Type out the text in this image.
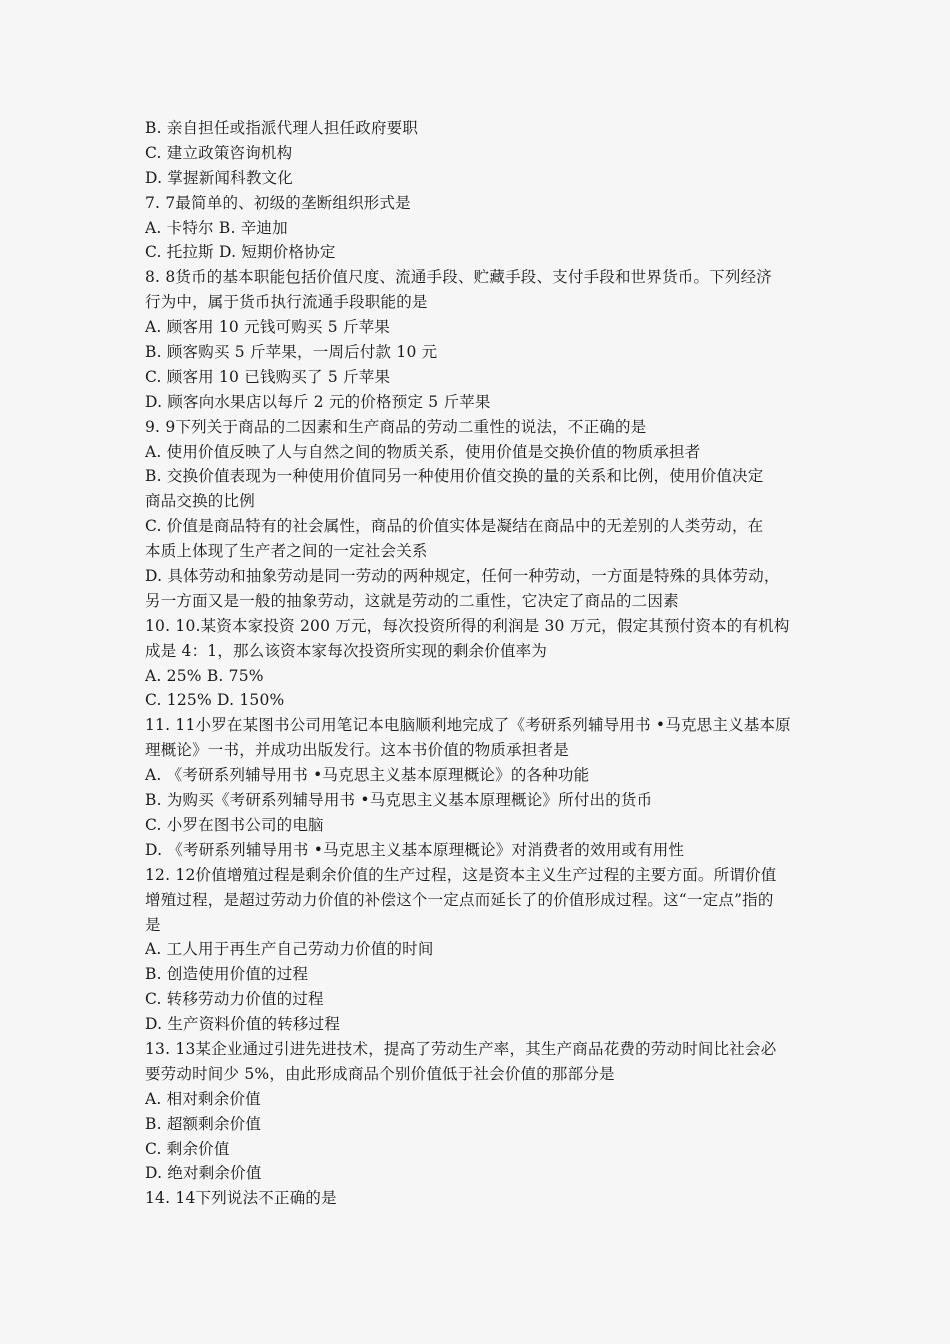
B. 亲自担任或指派代理人担任政府要职
C. 建立政策咨询机构
D. 掌握新闻科教文化
7. 7最简单的、初级的垄断组织形式是
A. 卡特尔 B. 辛迪加
C. 托拉斯 D. 短期价格协定
8. 8货币的基本职能包括价值尺度、流通手段、贮藏手段、支付手段和世界货币。下列经济
行为中，属于货币执行流通手段职能的是
A. 顾客用 10 元钱可购买 5 斤苹果
B. 顾客购买 5 斤苹果，一周后付款 10 元
C. 顾客用 10 已钱购买了 5 斤苹果
D. 顾客向水果店以每斤 2 元的价格预定 5 斤苹果
9. 9下列关于商品的二因素和生产商品的劳动二重性的说法，不正确的是
A. 使用价值反映了人与自然之间的物质关系，使用价值是交换价值的物质承担者
B. 交换价值表现为一种使用价值同另一种使用价值交换的量的关系和比例，使用价值决定
商品交换的比例
C. 价值是商品特有的社会属性，商品的价值实体是凝结在商品中的无差别的人类劳动，在
本质上体现了生产者之间的一定社会关系
D. 具体劳动和抽象劳动是同一劳动的两种规定，任何一种劳动，一方面是特殊的具体劳动，
另一方面又是一般的抽象劳动，这就是劳动的二重性，它决定了商品的二因素
10. 10.某资本家投资 200 万元，每次投资所得的利润是 30 万元，假定其预付资本的有机构
成是 4：1，那么该资本家每次投资所实现的剩余价值率为
A. 25% B. 75%
C. 125% D. 150%
11. 11小罗在某图书公司用笔记本电脑顺利地完成了《考研系列辅导用书 •马克思主义基本原
理概论》一书，并成功出版发行。这本书价值的物质承担者是
A. 《考研系列辅导用书 •马克思主义基本原理概论》的各种功能
B. 为购买《考研系列辅导用书 •马克思主义基本原理概论》所付出的货币
C. 小罗在图书公司的电脑
D. 《考研系列辅导用书 •马克思主义基本原理概论》对消费者的效用或有用性
12. 12价值增殖过程是剩余价值的生产过程，这是资本主义生产过程的主要方面。所谓价值
增殖过程，是超过劳动力价值的补偿这个一定点而延长了的价值形成过程。这“一定点”指的
是
A. 工人用于再生产自己劳动力价值的时间
B. 创造使用价值的过程
C. 转移劳动力价值的过程
D. 生产资料价值的转移过程
13. 13某企业通过引进先进技术，提高了劳动生产率，其生产商品花费的劳动时间比社会必
要劳动时间少 5%，由此形成商品个别价值低于社会价值的那部分是
A. 相对剩余价值
B. 超额剩余价值
C. 剩余价值
D. 绝对剩余价值
14. 14下列说法不正确的是
